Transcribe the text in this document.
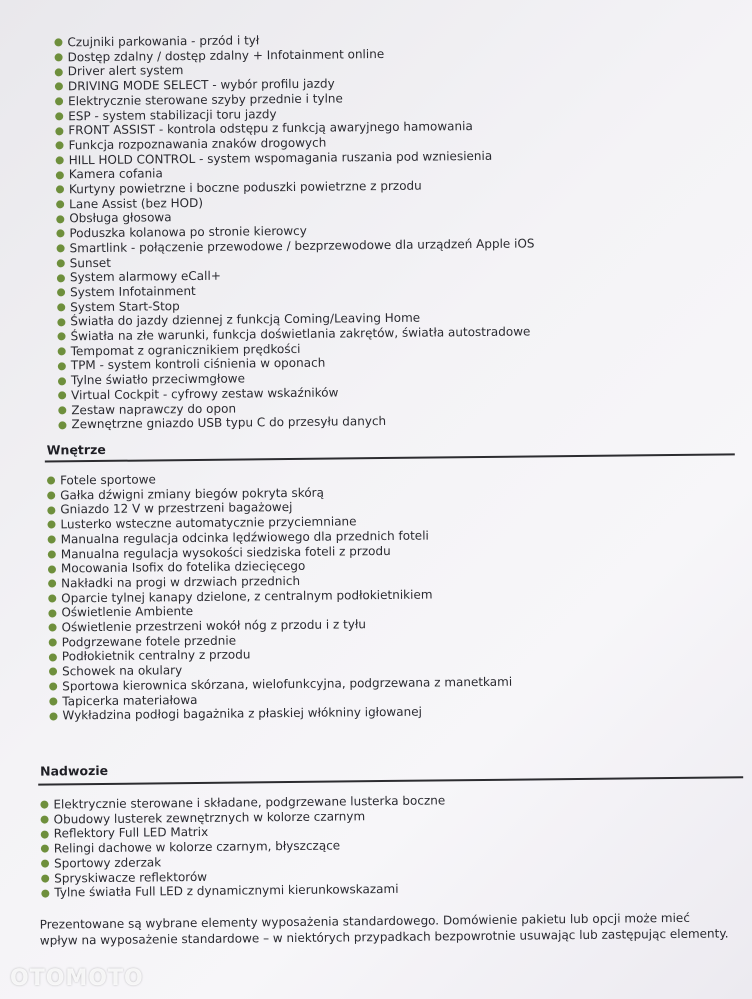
Czujniki parkowania - przód i tył
Dostęp zdalny / dostęp zdalny + Infotainment online
Driver alert system
DRIVING MODE SELECT - wybór profilu jazdy
Elektrycznie sterowane szyby przednie i tylne
ESP - system stabilizacji toru jazdy
FRONT ASSIST - kontrola odstępu z funkcją awaryjnego hamowania
Funkcja rozpoznawania znaków drogowych
HILL HOLD CONTROL - system wspomagania ruszania pod wzniesienia
Kamera cofania
Kurtyny powietrzne i boczne poduszki powietrzne z przodu
Lane Assist (bez HOD)
Obsługa głosowa
Poduszka kolanowa po stronie kierowcy
Smartlink - połączenie przewodowe / bezprzewodowe dla urządzeń Apple iOS
Sunset
System alarmowy eCall+
System Infotainment
System Start-Stop
Światła do jazdy dziennej z funkcją Coming/Leaving Home
Światła na złe warunki, funkcja doświetlania zakrętów, światła autostradowe
Tempomat z ogranicznikiem prędkości
TPM - system kontroli ciśnienia w oponach
Tylne światło przeciwmgłowe
Virtual Cockpit - cyfrowy zestaw wskaźników
Zestaw naprawczy do opon
Zewnętrzne gniazdo USB typu C do przesyłu danych
Wnętrze
Fotele sportowe
Gałka dźwigni zmiany biegów pokryta skórą
Gniazdo 12 V w przestrzeni bagażowej
Lusterko wsteczne automatycznie przyciemniane
Manualna regulacja odcinka lędźwiowego dla przednich foteli
Manualna regulacja wysokości siedziska foteli z przodu
Mocowania Isofix do fotelika dziecięcego
Nakładki na progi w drzwiach przednich
Oparcie tylnej kanapy dzielone, z centralnym podłokietnikiem
Oświetlenie Ambiente
Oświetlenie przestrzeni wokół nóg z przodu i z tyłu
Podgrzewane fotele przednie
Podłokietnik centralny z przodu
Schowek na okulary
Sportowa kierownica skórzana, wielofunkcyjna, podgrzewana z manetkami
Tapicerka materiałowa
Wykładzina podłogi bagażnika z płaskiej włókniny igłowanej
Nadwozie
Elektrycznie sterowane i składane, podgrzewane lusterka boczne
Obudowy lusterek zewnętrznych w kolorze czarnym
Reflektory Full LED Matrix
Relingi dachowe w kolorze czarnym, błyszczące
Sportowy zderzak
Spryskiwacze reflektorów
Tylne światła Full LED z dynamicznymi kierunkowskazami
Prezentowane są wybrane elementy wyposażenia standardowego. Domówienie pakietu lub opcji może mieć wpływ na wyposażenie standardowe – w niektórych przypadkach bezpowrotnie usuwając lub zastępując elementy.
OTOMOTO
